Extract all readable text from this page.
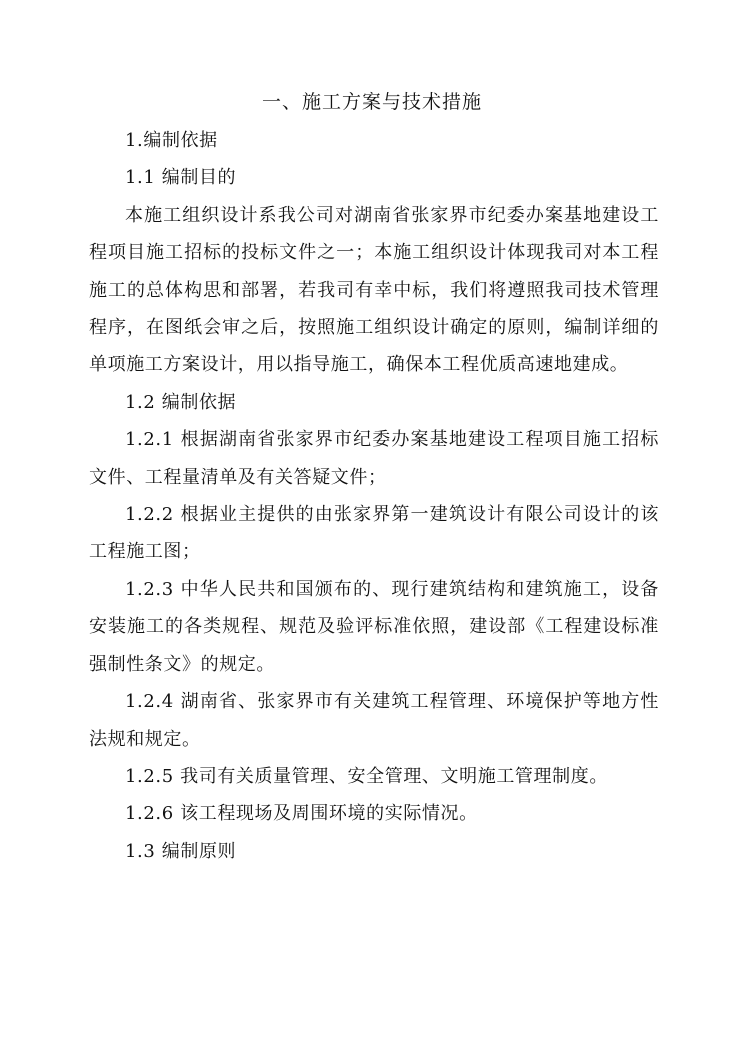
一、施工方案与技术措施

1.编制依据

1.1 编制目的

本施工组织设计系我公司对湖南省张家界市纪委办案基地建设工程项目施工招标的投标文件之一；本施工组织设计体现我司对本工程施工的总体构思和部署，若我司有幸中标，我们将遵照我司技术管理程序，在图纸会审之后，按照施工组织设计确定的原则，编制详细的单项施工方案设计，用以指导施工，确保本工程优质高速地建成。

1.2 编制依据

1.2.1 根据湖南省张家界市纪委办案基地建设工程项目施工招标文件、工程量清单及有关答疑文件；

1.2.2 根据业主提供的由张家界第一建筑设计有限公司设计的该工程施工图；

1.2.3 中华人民共和国颁布的、现行建筑结构和建筑施工，设备安装施工的各类规程、规范及验评标准依照，建设部《工程建设标准强制性条文》的规定。

1.2.4 湖南省、张家界市有关建筑工程管理、环境保护等地方性法规和规定。

1.2.5 我司有关质量管理、安全管理、文明施工管理制度。

1.2.6 该工程现场及周围环境的实际情况。

1.3 编制原则
